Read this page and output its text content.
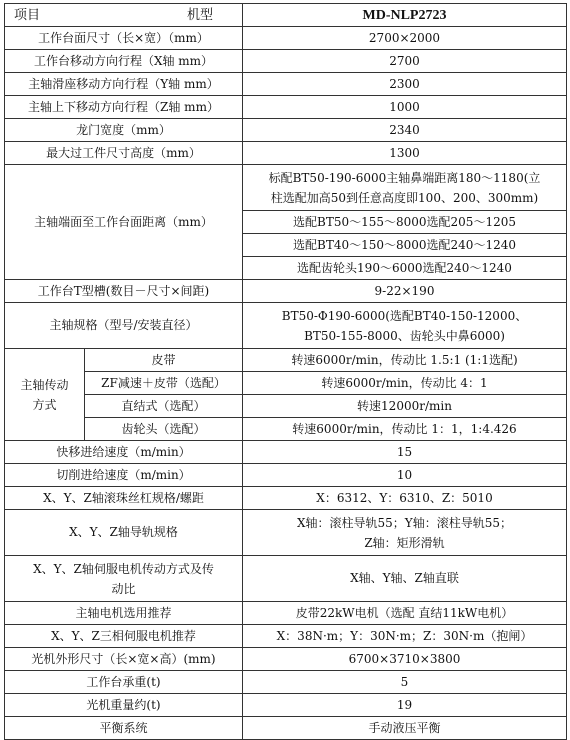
项目 机型		MD-NLP2723
工作台面尺寸（长×宽）（mm）		2700×2000
工作台移动方向行程（X轴 mm）		2700
主轴滑座移动方向行程（Y轴 mm）		2300
主轴上下移动方向行程（Z轴 mm）		1000
龙门宽度（mm）		2340
最大过工件尺寸高度（mm）		1300
主轴端面至工作台面距离（mm）		标配BT50-190-6000主轴鼻端距离180～1180(立
柱选配加高50到任意高度即100、200、300mm)

		选配BT50～155～8000选配205～1205
		选配BT40～150～8000选配240～1240
		选配齿轮头190～6000选配240～1240
工作台T型槽(数目－尺寸×间距)		9-22×190
主轴规格（型号/安装直径）		BT50-Φ190-6000(选配BT40-150-12000、
BT50-155-8000、齿轮头中鼻6000)

主轴传动
方式	皮带	转速6000r/min，传动比 1.5:1 (1:1选配)
	ZF减速＋皮带（选配）	转速6000r/min，传动比 4：1
	直结式（选配）	转速12000r/min
	齿轮头（选配）	转速6000r/min，传动比 1：1，1:4.426
快移进给速度（m/min）		15
切削进给速度（m/min）		10
X、Y、Z轴滚珠丝杠规格/螺距		X：6312、Y：6310、Z：5010
X、Y、Z轴导轨规格		X轴：滚柱导轨55；Y轴：滚柱导轨55；
Z轴：矩形滑轨

X、Y、Z轴伺服电机传动方式及传
动比		X轴、Y轴、Z轴直联
主轴电机选用推荐		皮带22kW电机（选配 直结11kW电机）
X、Y、Z三相伺服电机推荐		X：38N·m；Y：30N·m；Z：30N·m（抱闸）
光机外形尺寸（长×宽×高）(mm)		6700×3710×3800
工作台承重(t)		5
光机重量约(t)		19
平衡系统		手动液压平衡
